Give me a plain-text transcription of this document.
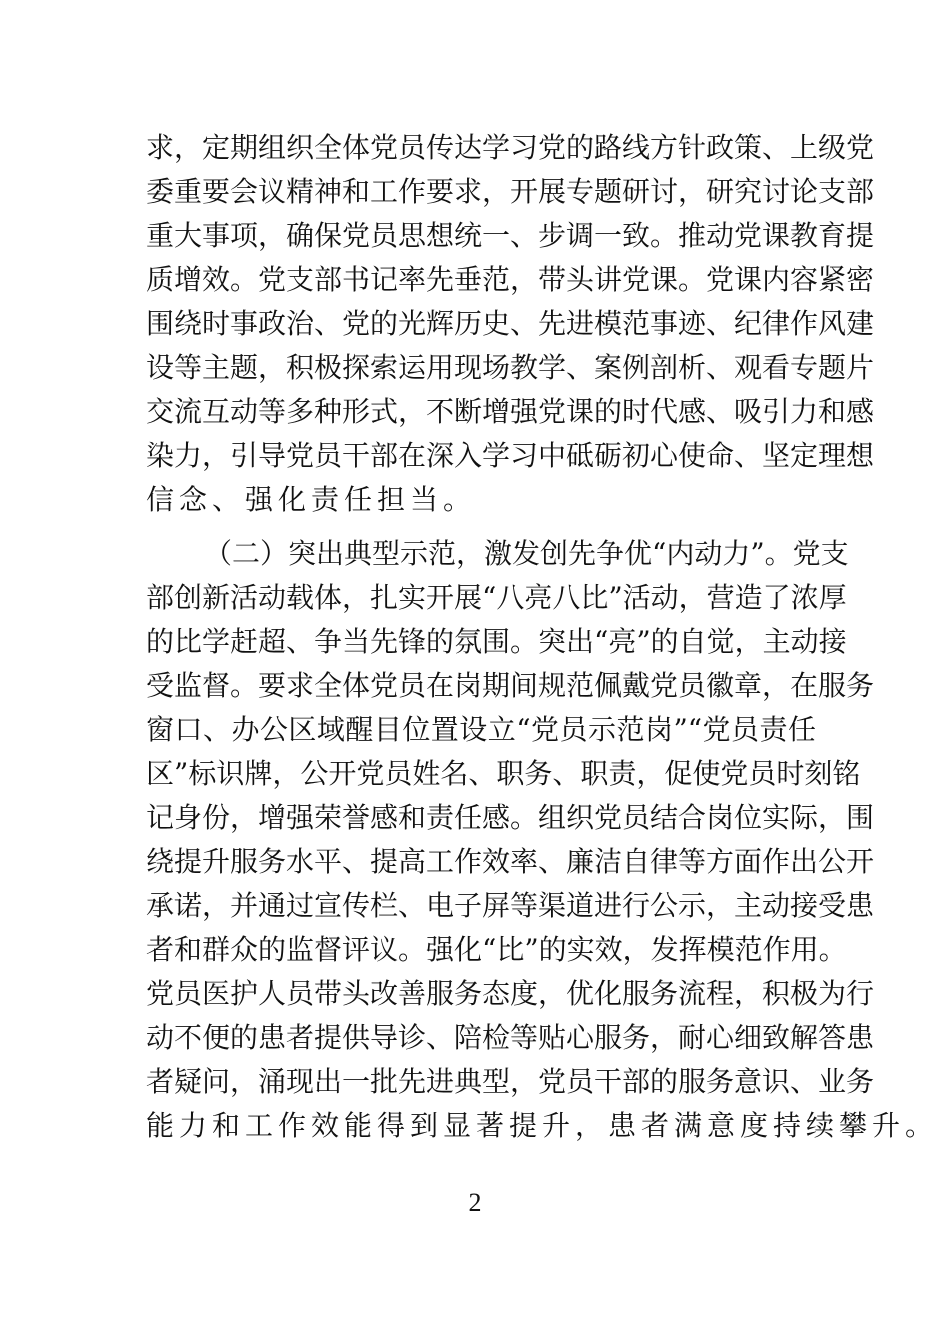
求，定期组织全体党员传达学习党的路线方针政策、上级党
委重要会议精神和工作要求，开展专题研讨，研究讨论支部
重大事项，确保党员思想统一、步调一致。推动党课教育提
质增效。党支部书记率先垂范，带头讲党课。党课内容紧密
围绕时事政治、党的光辉历史、先进模范事迹、纪律作风建
设等主题，积极探索运用现场教学、案例剖析、观看专题片
交流互动等多种形式，不断增强党课的时代感、吸引力和感
染力，引导党员干部在深入学习中砥砺初心使命、坚定理想
信念、强化责任担当。
（二）突出典型示范，激发创先争优“内动力”。党支
部创新活动载体，扎实开展“八亮八比”活动，营造了浓厚
的比学赶超、争当先锋的氛围。突出“亮”的自觉，主动接
受监督。要求全体党员在岗期间规范佩戴党员徽章，在服务
窗口、办公区域醒目位置设立“党员示范岗”“党员责任
区”标识牌，公开党员姓名、职务、职责，促使党员时刻铭
记身份，增强荣誉感和责任感。组织党员结合岗位实际，围
绕提升服务水平、提高工作效率、廉洁自律等方面作出公开
承诺，并通过宣传栏、电子屏等渠道进行公示，主动接受患
者和群众的监督评议。强化“比”的实效，发挥模范作用。
党员医护人员带头改善服务态度，优化服务流程，积极为行
动不便的患者提供导诊、陪检等贴心服务，耐心细致解答患
者疑问，涌现出一批先进典型，党员干部的服务意识、业务
能力和工作效能得到显著提升，患者满意度持续攀升。
2
